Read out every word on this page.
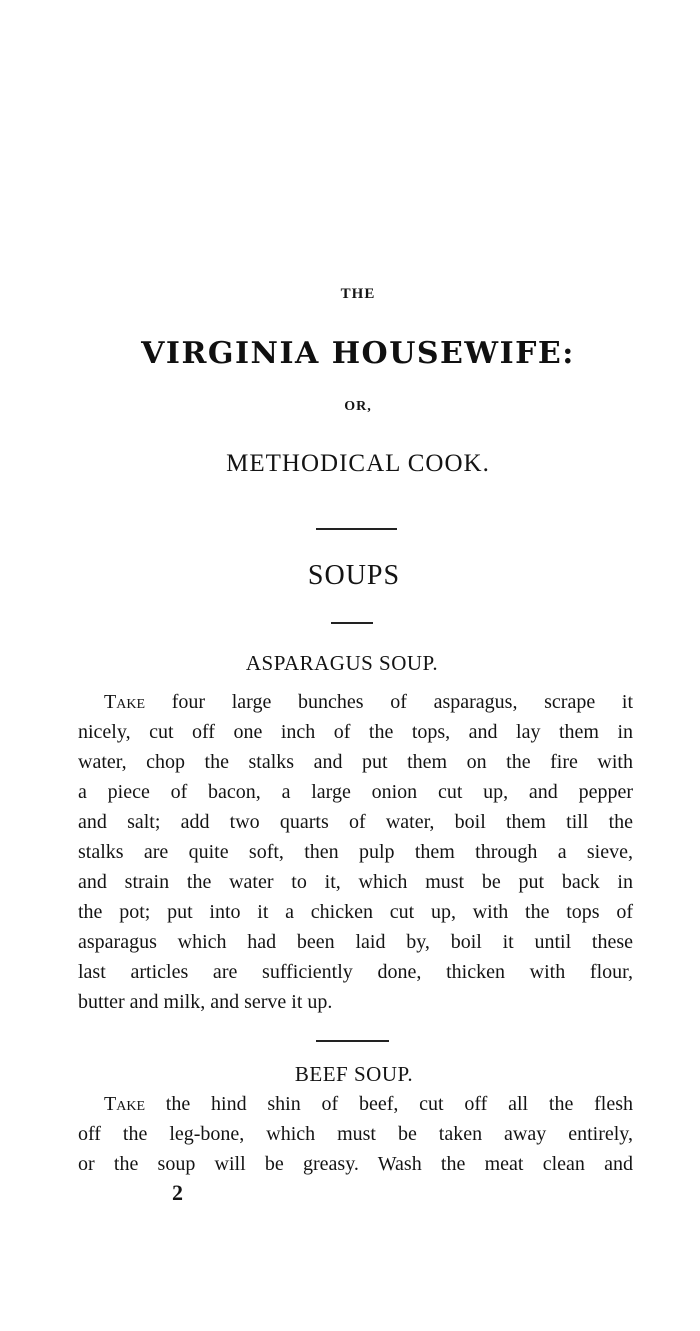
THE
VIRGINIA HOUSEWIFE:
OR,
METHODICAL COOK.
SOUPS
ASPARAGUS SOUP.
Take four large bunches of asparagus, scrape it
nicely, cut off one inch of the tops, and lay them in
water, chop the stalks and put them on the fire with
a piece of bacon, a large onion cut up, and pepper
and salt; add two quarts of water, boil them till the
stalks are quite soft, then pulp them through a sieve,
and strain the water to it, which must be put back in
the pot; put into it a chicken cut up, with the tops of
asparagus which had been laid by, boil it until these
last articles are sufficiently done, thicken with flour,
butter and milk, and serve it up.
BEEF SOUP.
Take the hind shin of beef, cut off all the flesh
off the leg-bone, which must be taken away entirely,
or the soup will be greasy. Wash the meat clean and
2
